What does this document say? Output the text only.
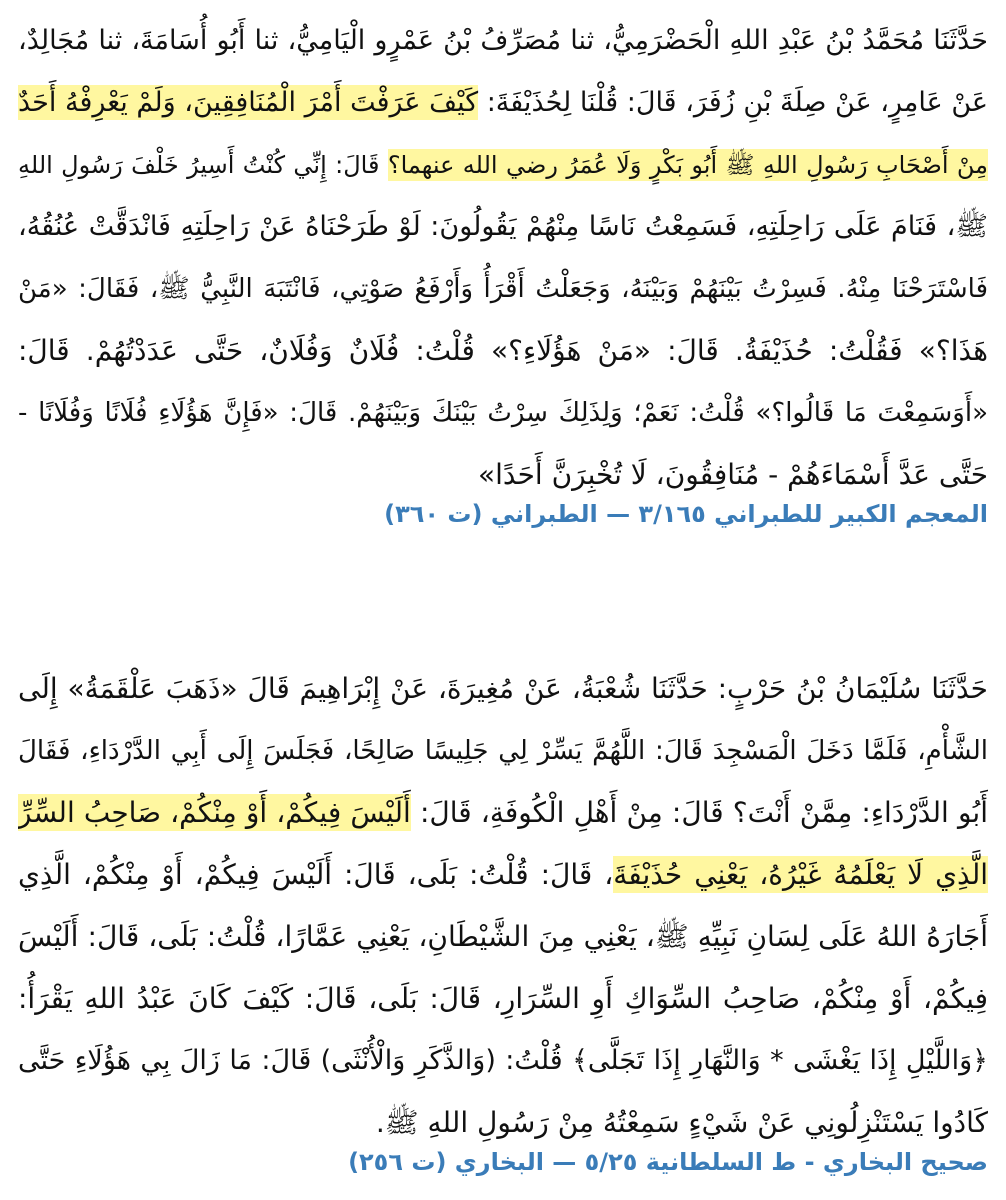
حَدَّثَنَا مُحَمَّدُ بْنُ عَبْدِ اللهِ الْحَضْرَمِيُّ، ثنا مُصَرِّفُ بْنُ عَمْرٍو الْيَامِيُّ، ثنا أَبُو أُسَامَةَ، ثنا مُجَالِدٌ،
عَنْ عَامِرٍ، عَنْ صِلَةَ بْنِ زُفَرَ، قَالَ: قُلْنَا لِحُذَيْفَةَ: كَيْفَ عَرَفْتَ أَمْرَ الْمُنَافِقِينَ، وَلَمْ يَعْرِفْهُ أَحَدٌ
مِنْ أَصْحَابِ رَسُولِ اللهِ ﷺ أَبُو بَكْرٍ وَلَا عُمَرُ رضي الله عنهما؟ قَالَ: إِنِّي كُنْتُ أَسِيرُ خَلْفَ رَسُولِ اللهِ
ﷺ، فَنَامَ عَلَى رَاحِلَتِهِ، فَسَمِعْتُ نَاسًا مِنْهُمْ يَقُولُونَ: لَوْ طَرَحْنَاهُ عَنْ رَاحِلَتِهِ فَانْدَقَّتْ عُنُقُهُ،
فَاسْتَرَحْنَا مِنْهُ. فَسِرْتُ بَيْنَهُمْ وَبَيْنَهُ، وَجَعَلْتُ أَقْرَأُ وَأَرْفَعُ صَوْتِي، فَانْتَبَهَ النَّبِيُّ ﷺ، فَقَالَ: «مَنْ
هَذَا؟» فَقُلْتُ: حُذَيْفَةُ. قَالَ: «مَنْ هَؤُلَاءِ؟» قُلْتُ: فُلَانٌ وَفُلَانٌ، حَتَّى عَدَدْتُهُمْ. قَالَ:
«أَوَسَمِعْتَ مَا قَالُوا؟» قُلْتُ: نَعَمْ؛ وَلِذَلِكَ سِرْتُ بَيْنَكَ وَبَيْنَهُمْ. قَالَ: «فَإِنَّ هَؤُلَاءِ فُلَانًا وَفُلَانًا -
حَتَّى عَدَّ أَسْمَاءَهُمْ - مُنَافِقُونَ، لَا تُخْبِرَنَّ أَحَدًا»
المعجم الكبير للطبراني ٣/١٦٥ — الطبراني (ت ٣٦٠)
حَدَّثَنَا سُلَيْمَانُ بْنُ حَرْبٍ: حَدَّثَنَا شُعْبَةُ، عَنْ مُغِيرَةَ، عَنْ إِبْرَاهِيمَ قَالَ «ذَهَبَ عَلْقَمَةُ» إِلَى
الشَّأْمِ، فَلَمَّا دَخَلَ الْمَسْجِدَ قَالَ: اللَّهُمَّ يَسِّرْ لِي جَلِيسًا صَالِحًا، فَجَلَسَ إِلَى أَبِي الدَّرْدَاءِ، فَقَالَ
أَبُو الدَّرْدَاءِ: مِمَّنْ أَنْتَ؟ قَالَ: مِنْ أَهْلِ الْكُوفَةِ، قَالَ: أَلَيْسَ فِيكُمْ، أَوْ مِنْكُمْ، صَاحِبُ السِّرِّ
الَّذِي لَا يَعْلَمُهُ غَيْرُهُ، يَعْنِي حُذَيْفَةَ، قَالَ: قُلْتُ: بَلَى، قَالَ: أَلَيْسَ فِيكُمْ، أَوْ مِنْكُمْ، الَّذِي
أَجَارَهُ اللهُ عَلَى لِسَانِ نَبِيِّهِ ﷺ، يَعْنِي مِنَ الشَّيْطَانِ، يَعْنِي عَمَّارًا، قُلْتُ: بَلَى، قَالَ: أَلَيْسَ
فِيكُمْ، أَوْ مِنْكُمْ، صَاحِبُ السِّوَاكِ أَوِ السِّرَارِ، قَالَ: بَلَى، قَالَ: كَيْفَ كَانَ عَبْدُ اللهِ يَقْرَأُ:
﴿وَاللَّيْلِ إِذَا يَغْشَى * وَالنَّهَارِ إِذَا تَجَلَّى﴾ قُلْتُ: (وَالذَّكَرِ وَالْأُنْثَى) قَالَ: مَا زَالَ بِي هَؤُلَاءِ حَتَّى
كَادُوا يَسْتَنْزِلُونِي عَنْ شَيْءٍ سَمِعْتُهُ مِنْ رَسُولِ اللهِ ﷺ.
صحيح البخاري - ط السلطانية ٥/٢٥ — البخاري (ت ٢٥٦)
